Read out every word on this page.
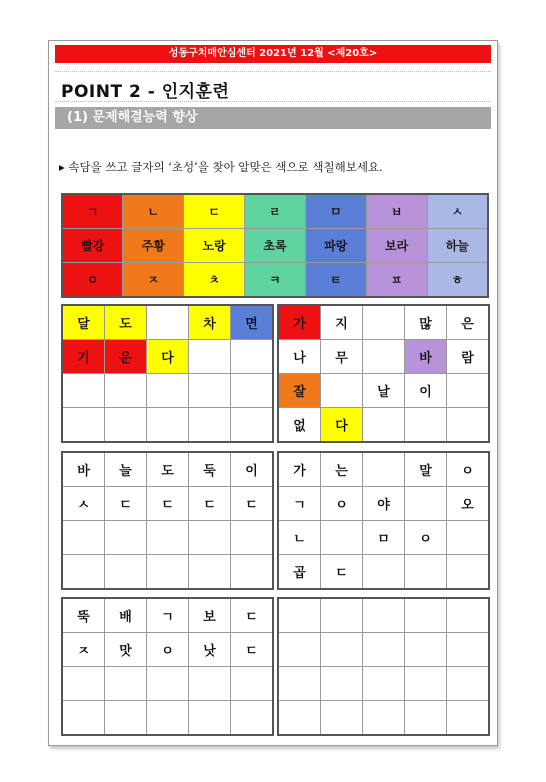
성동구치매안심센터 2021년 12월 <제20호>
POINT 2 - 인지훈련
(1) 문제해결능력 향상
▸ 속담을 쓰고 글자의 ‘초성’을 찾아 알맞은 색으로 색칠해보세요.
ㄱ	ㄴ	ㄷ	ㄹ	ㅁ	ㅂ	ㅅ
빨강	주황	노랑	초록	파랑	보라	하늘
ㅇ	ㅈ	ㅊ	ㅋ	ㅌ	ㅍ	ㅎ
달	도		차	면
기	운	다		

가	지		많	은
나	무		바	람
잘		날	이	
없	다			
바	늘	도	둑	이
ㅅ	ㄷ	ㄷ	ㄷ	ㄷ

가	는		말	ㅇ
ㄱ	ㅇ	야		오
ㄴ		ㅁ	ㅇ	
곱	ㄷ			
뚝	배	ㄱ	보	ㄷ
ㅈ	맛	ㅇ	낫	ㄷ
